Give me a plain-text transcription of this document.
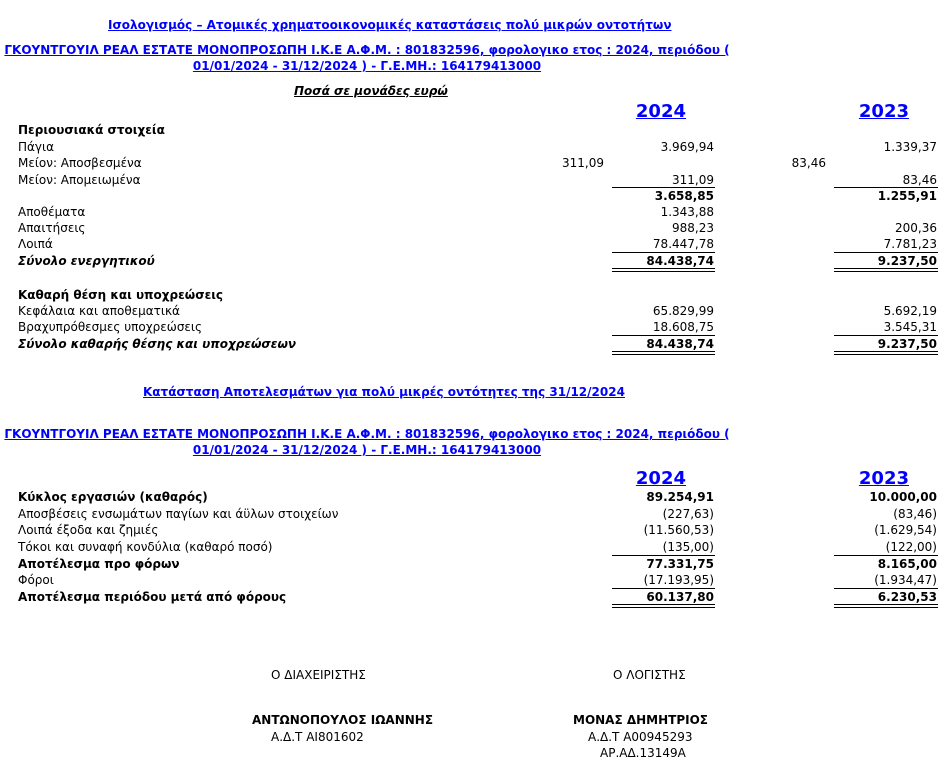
Ισολογισμός – Ατομικές χρηματοοικονομικές καταστάσεις πολύ μικρών οντοτήτων
ΓΚΟΥΝΤΓΟΥΙΛ ΡΕΑΛ ΕΣΤΑΤΕ ΜΟΝΟΠΡΟΣΩΠΗ Ι.Κ.Ε Α.Φ.Μ. : 801832596, φορολογικο ετος : 2024, περιόδου (
01/01/2024 - 31/12/2024 ) - Γ.Ε.ΜΗ.: 164179413000
Ποσά σε μονάδες ευρώ
2024	2023
Περιουσιακά στοιχεία
Πάγια	3.969,94	1.339,37
Μείον: Αποσβεσμένα	311,09	83,46
Μείον: Απομειωμένα	311,09	83,46
3.658,85	1.255,91
Αποθέματα	1.343,88
Απαιτήσεις	988,23	200,36
Λοιπά	78.447,78	7.781,23
Σύνολο ενεργητικού	84.438,74	9.237,50
Καθαρή θέση και υποχρεώσεις
Κεφάλαια και αποθεματικά	65.829,99	5.692,19
Βραχυπρόθεσμες υποχρεώσεις	18.608,75	3.545,31
Σύνολο καθαρής θέσης και υποχρεώσεων	84.438,74	9.237,50
Κατάσταση Αποτελεσμάτων για πολύ μικρές οντότητες της 31/12/2024
ΓΚΟΥΝΤΓΟΥΙΛ ΡΕΑΛ ΕΣΤΑΤΕ ΜΟΝΟΠΡΟΣΩΠΗ Ι.Κ.Ε Α.Φ.Μ. : 801832596, φορολογικο ετος : 2024, περιόδου (
01/01/2024 - 31/12/2024 ) - Γ.Ε.ΜΗ.: 164179413000
2024	2023
Κύκλος εργασιών (καθαρός)	89.254,91	10.000,00
Αποσβέσεις ενσωμάτων παγίων και άϋλων στοιχείων	(227,63)	(83,46)
Λοιπά έξοδα και ζημιές	(11.560,53)	(1.629,54)
Τόκοι και συναφή κονδύλια (καθαρό ποσό)	(135,00)	(122,00)
Αποτέλεσμα προ φόρων	77.331,75	8.165,00
Φόροι	(17.193,95)	(1.934,47)
Αποτέλεσμα περιόδου μετά από φόρους	60.137,80	6.230,53
Ο ΔΙΑΧΕΙΡΙΣΤΗΣ	Ο ΛΟΓΙΣΤΗΣ
ΑΝΤΩΝΟΠΟΥΛΟΣ ΙΩΑΝΝΗΣ
Α.Δ.Τ ΑΙ801602
ΜΟΝΑΣ ΔΗΜΗΤΡΙΟΣ
Α.Δ.Τ Α00945293
ΑΡ.ΑΔ.13149Α
